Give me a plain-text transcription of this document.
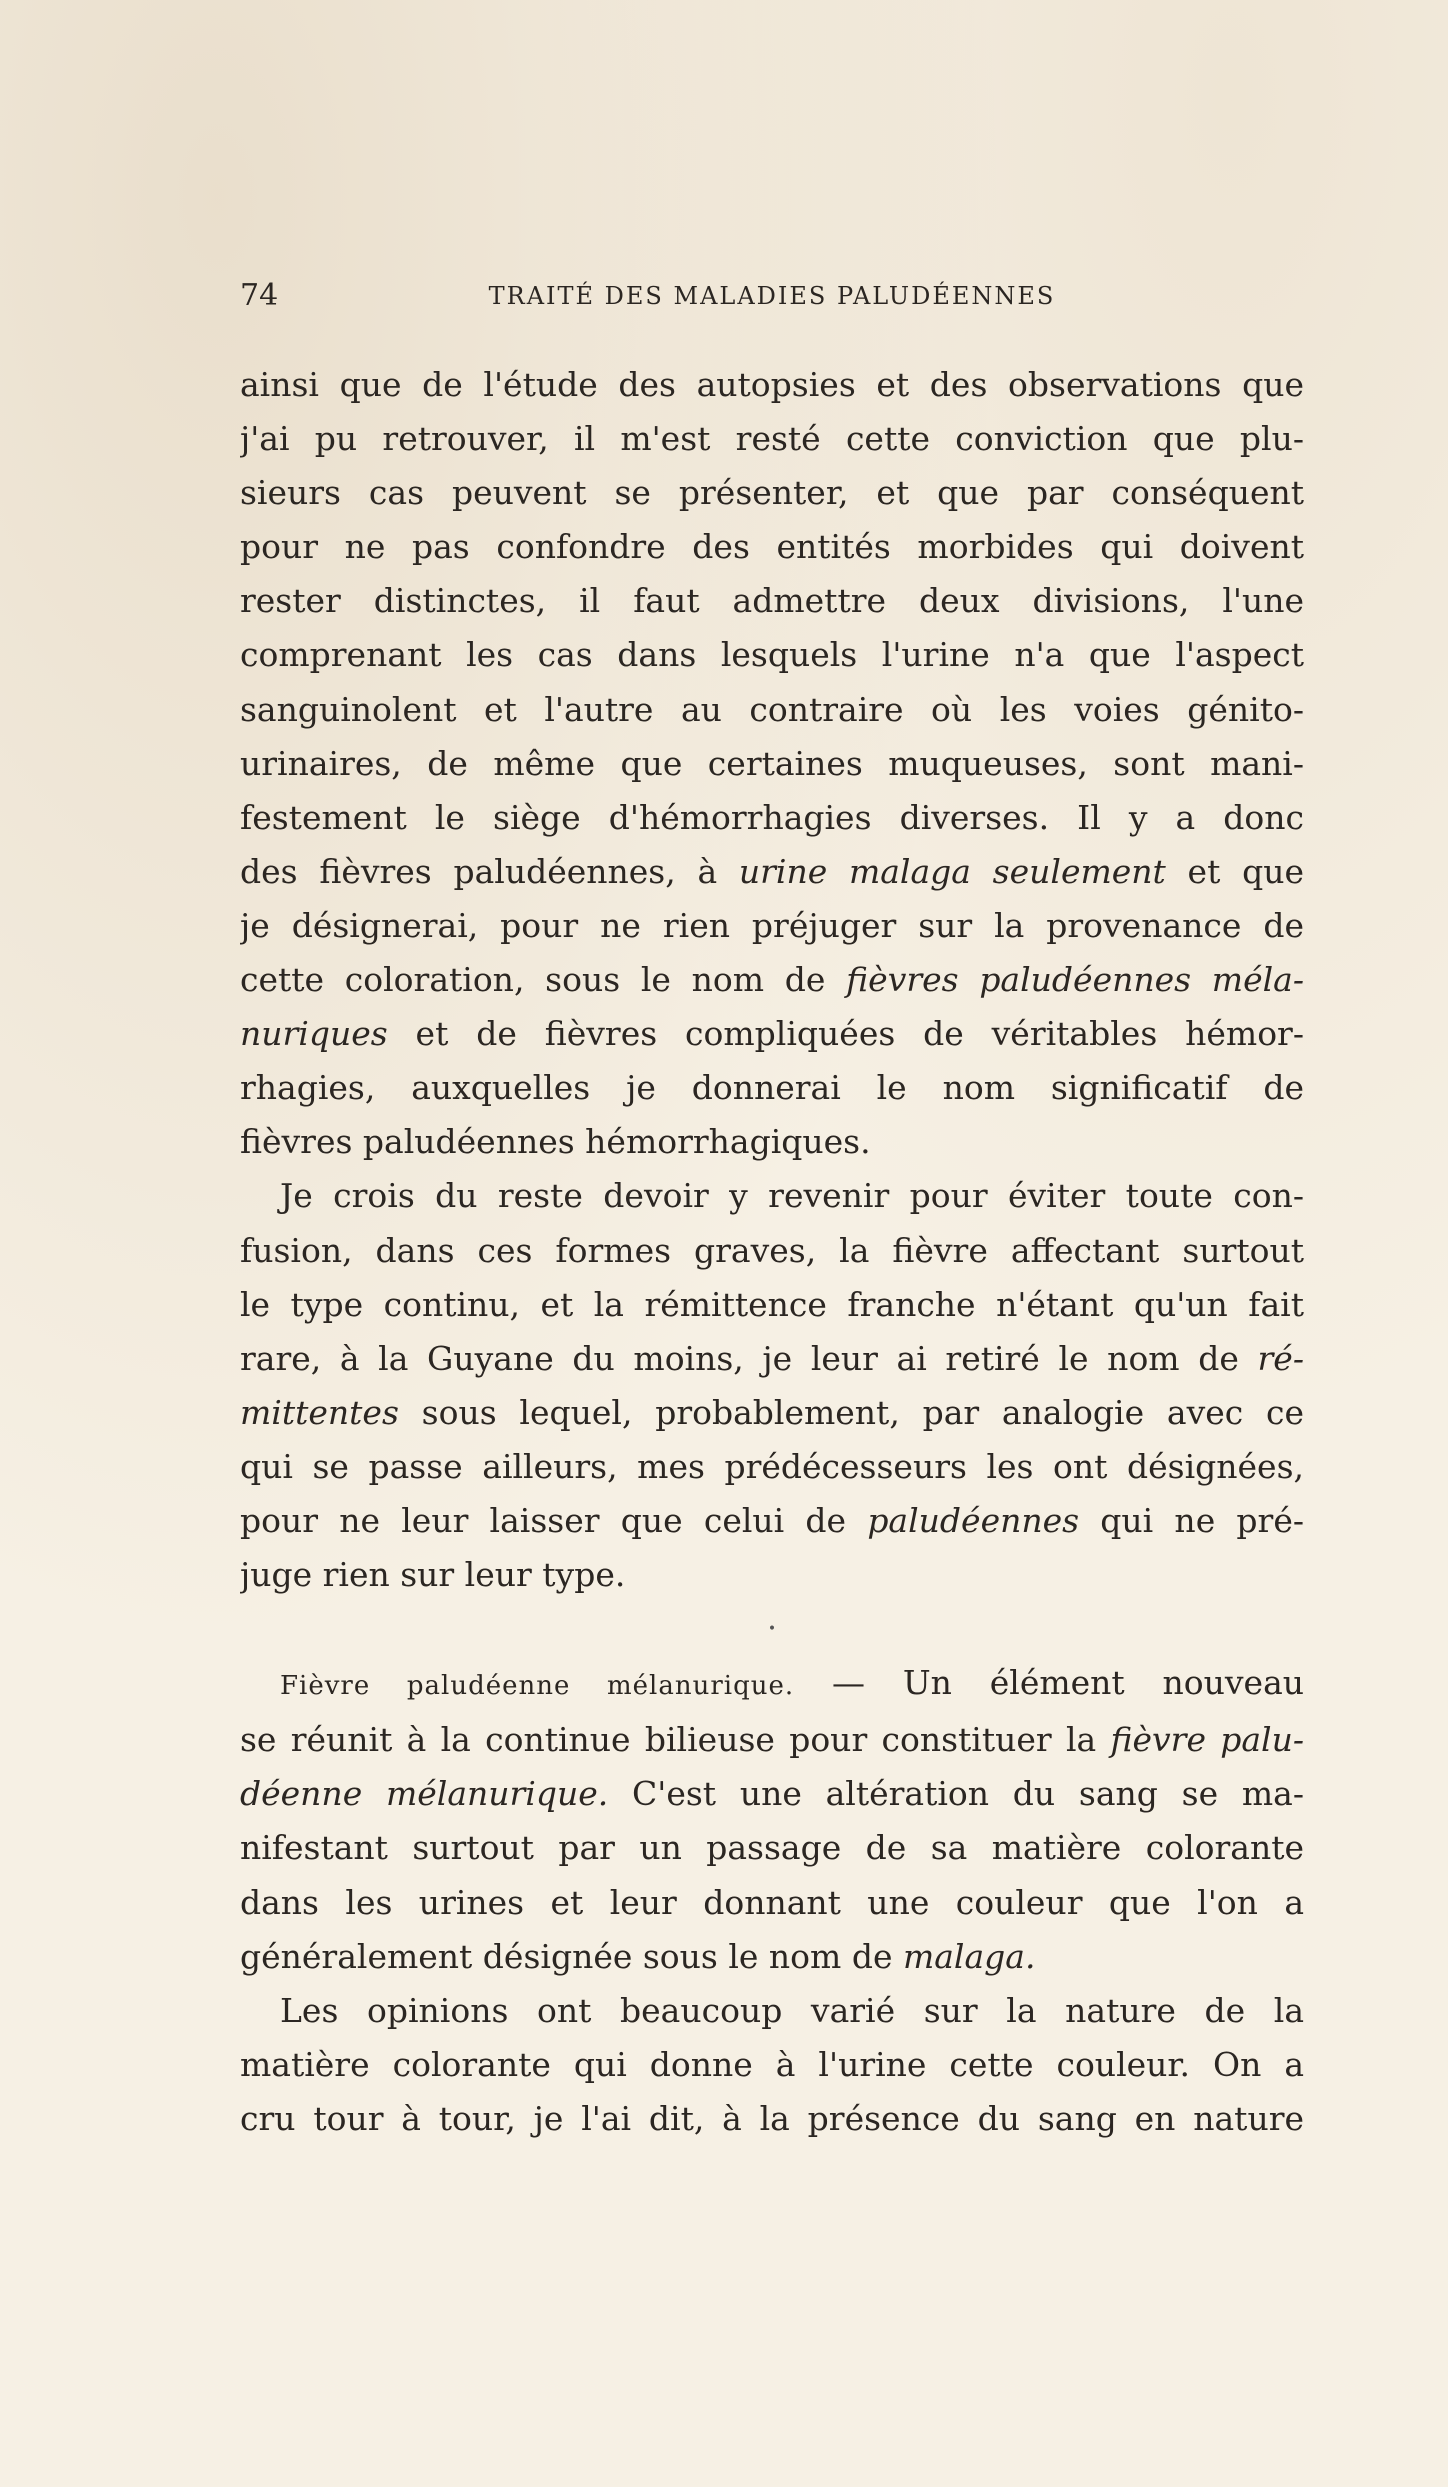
74	TRAITÉ DES MALADIES PALUDÉENNES
ainsi que de l'étude des autopsies et des observations que
j'ai pu retrouver, il m'est resté cette conviction que plu-
sieurs cas peuvent se présenter, et que par conséquent
pour ne pas confondre des entités morbides qui doivent
rester distinctes, il faut admettre deux divisions, l'une
comprenant les cas dans lesquels l'urine n'a que l'aspect
sanguinolent et l'autre au contraire où les voies génito-
urinaires, de même que certaines muqueuses, sont mani-
festement le siège d'hémorrhagies diverses. Il y a donc
des fièvres paludéennes, à urine malaga seulement et que
je désignerai, pour ne rien préjuger sur la provenance de
cette coloration, sous le nom de fièvres paludéennes méla-
nuriques et de fièvres compliquées de véritables hémor-
rhagies, auxquelles je donnerai le nom significatif de
fièvres paludéennes hémorrhagiques.
Je crois du reste devoir y revenir pour éviter toute con-
fusion, dans ces formes graves, la fièvre affectant surtout
le type continu, et la rémittence franche n'étant qu'un fait
rare, à la Guyane du moins, je leur ai retiré le nom de ré-
mittentes sous lequel, probablement, par analogie avec ce
qui se passe ailleurs, mes prédécesseurs les ont désignées,
pour ne leur laisser que celui de paludéennes qui ne pré-
juge rien sur leur type.
•
Fièvre paludéenne mélanurique. — Un élément nouveau
se réunit à la continue bilieuse pour constituer la fièvre palu-
déenne mélanurique. C'est une altération du sang se ma-
nifestant surtout par un passage de sa matière colorante
dans les urines et leur donnant une couleur que l'on a
généralement désignée sous le nom de malaga.
Les opinions ont beaucoup varié sur la nature de la
matière colorante qui donne à l'urine cette couleur. On a
cru tour à tour, je l'ai dit, à la présence du sang en nature
